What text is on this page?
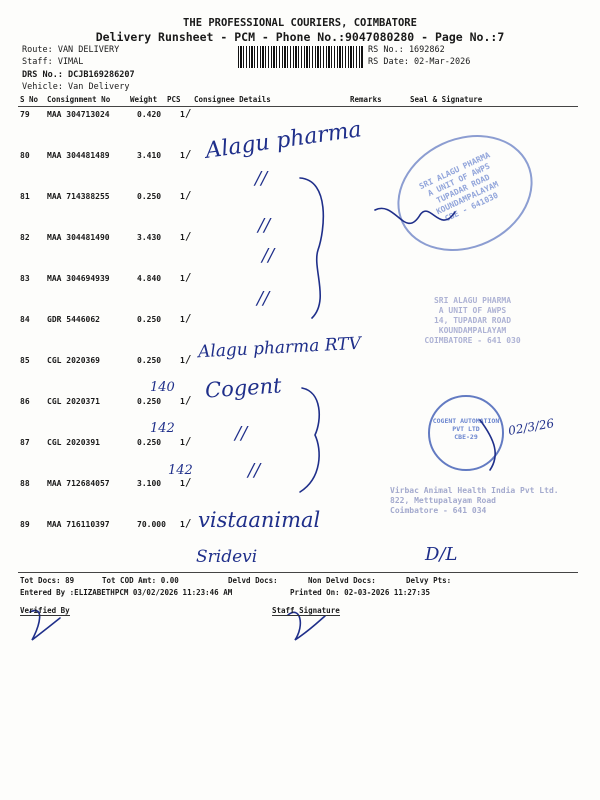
THE PROFESSIONAL COURIERS, COIMBATORE
Delivery Runsheet - PCM - Phone No.:9047080280 - Page No.:7
Route: VAN DELIVERY
Staff: VIMAL
DRS No.: DCJB169286207
Vehicle: Van Delivery
RS No.: 1692862
RS Date: 02-Mar-2026
S No Consignment No	Weight PCS Consignee Details	Remarks	Seal & Signature
79 MAA 304713024	0.420 1 /
80 MAA 304481489	3.410 1 /
81 MAA 714388255	0.250 1 /
82 MAA 304481490	3.430 1 /
83 MAA 304694939	4.840 1 /
84 GDR 5446062	0.250 1 /
85 CGL 2020369	0.250 1 /
86 CGL 2020371	0.250 1 /
87 CGL 2020391	0.250 1 /
88 MAA 712684057	3.100 1 /
89 MAA 716110397	70.000 1 /
SRI ALAGU PHARMA
A UNIT OF AWPS
TUPADAR ROAD
KOUNDAMPALAYAM
CBE - 641030
SRI ALAGU PHARMA
A UNIT OF AWPS
14, TUPADAR ROAD
KOUNDAMPALAYAM
COIMBATORE - 641 030
COGENT AUTOMATION PVT LTD
CBE-29
Virbac Animal Health India Pvt Ltd.
822, Mettupalayam Road
Coimbatore - 641 034
Alagu pharma
//
//
//
//
Alagu pharma RTV
140 Cogent
142	//
142	//
vistaanimal
Sridevi	D/L
02/3/26
Tot Docs: 89	Tot COD Amt: 0.00	Delvd Docs:	Non Delvd Docs:	Delvy Pts:
Entered By :ELIZABETHPCM 03/02/2026 11:23:46 AM	Printed On: 02-03-2026 11:27:35
Verified By	Staff Signature
